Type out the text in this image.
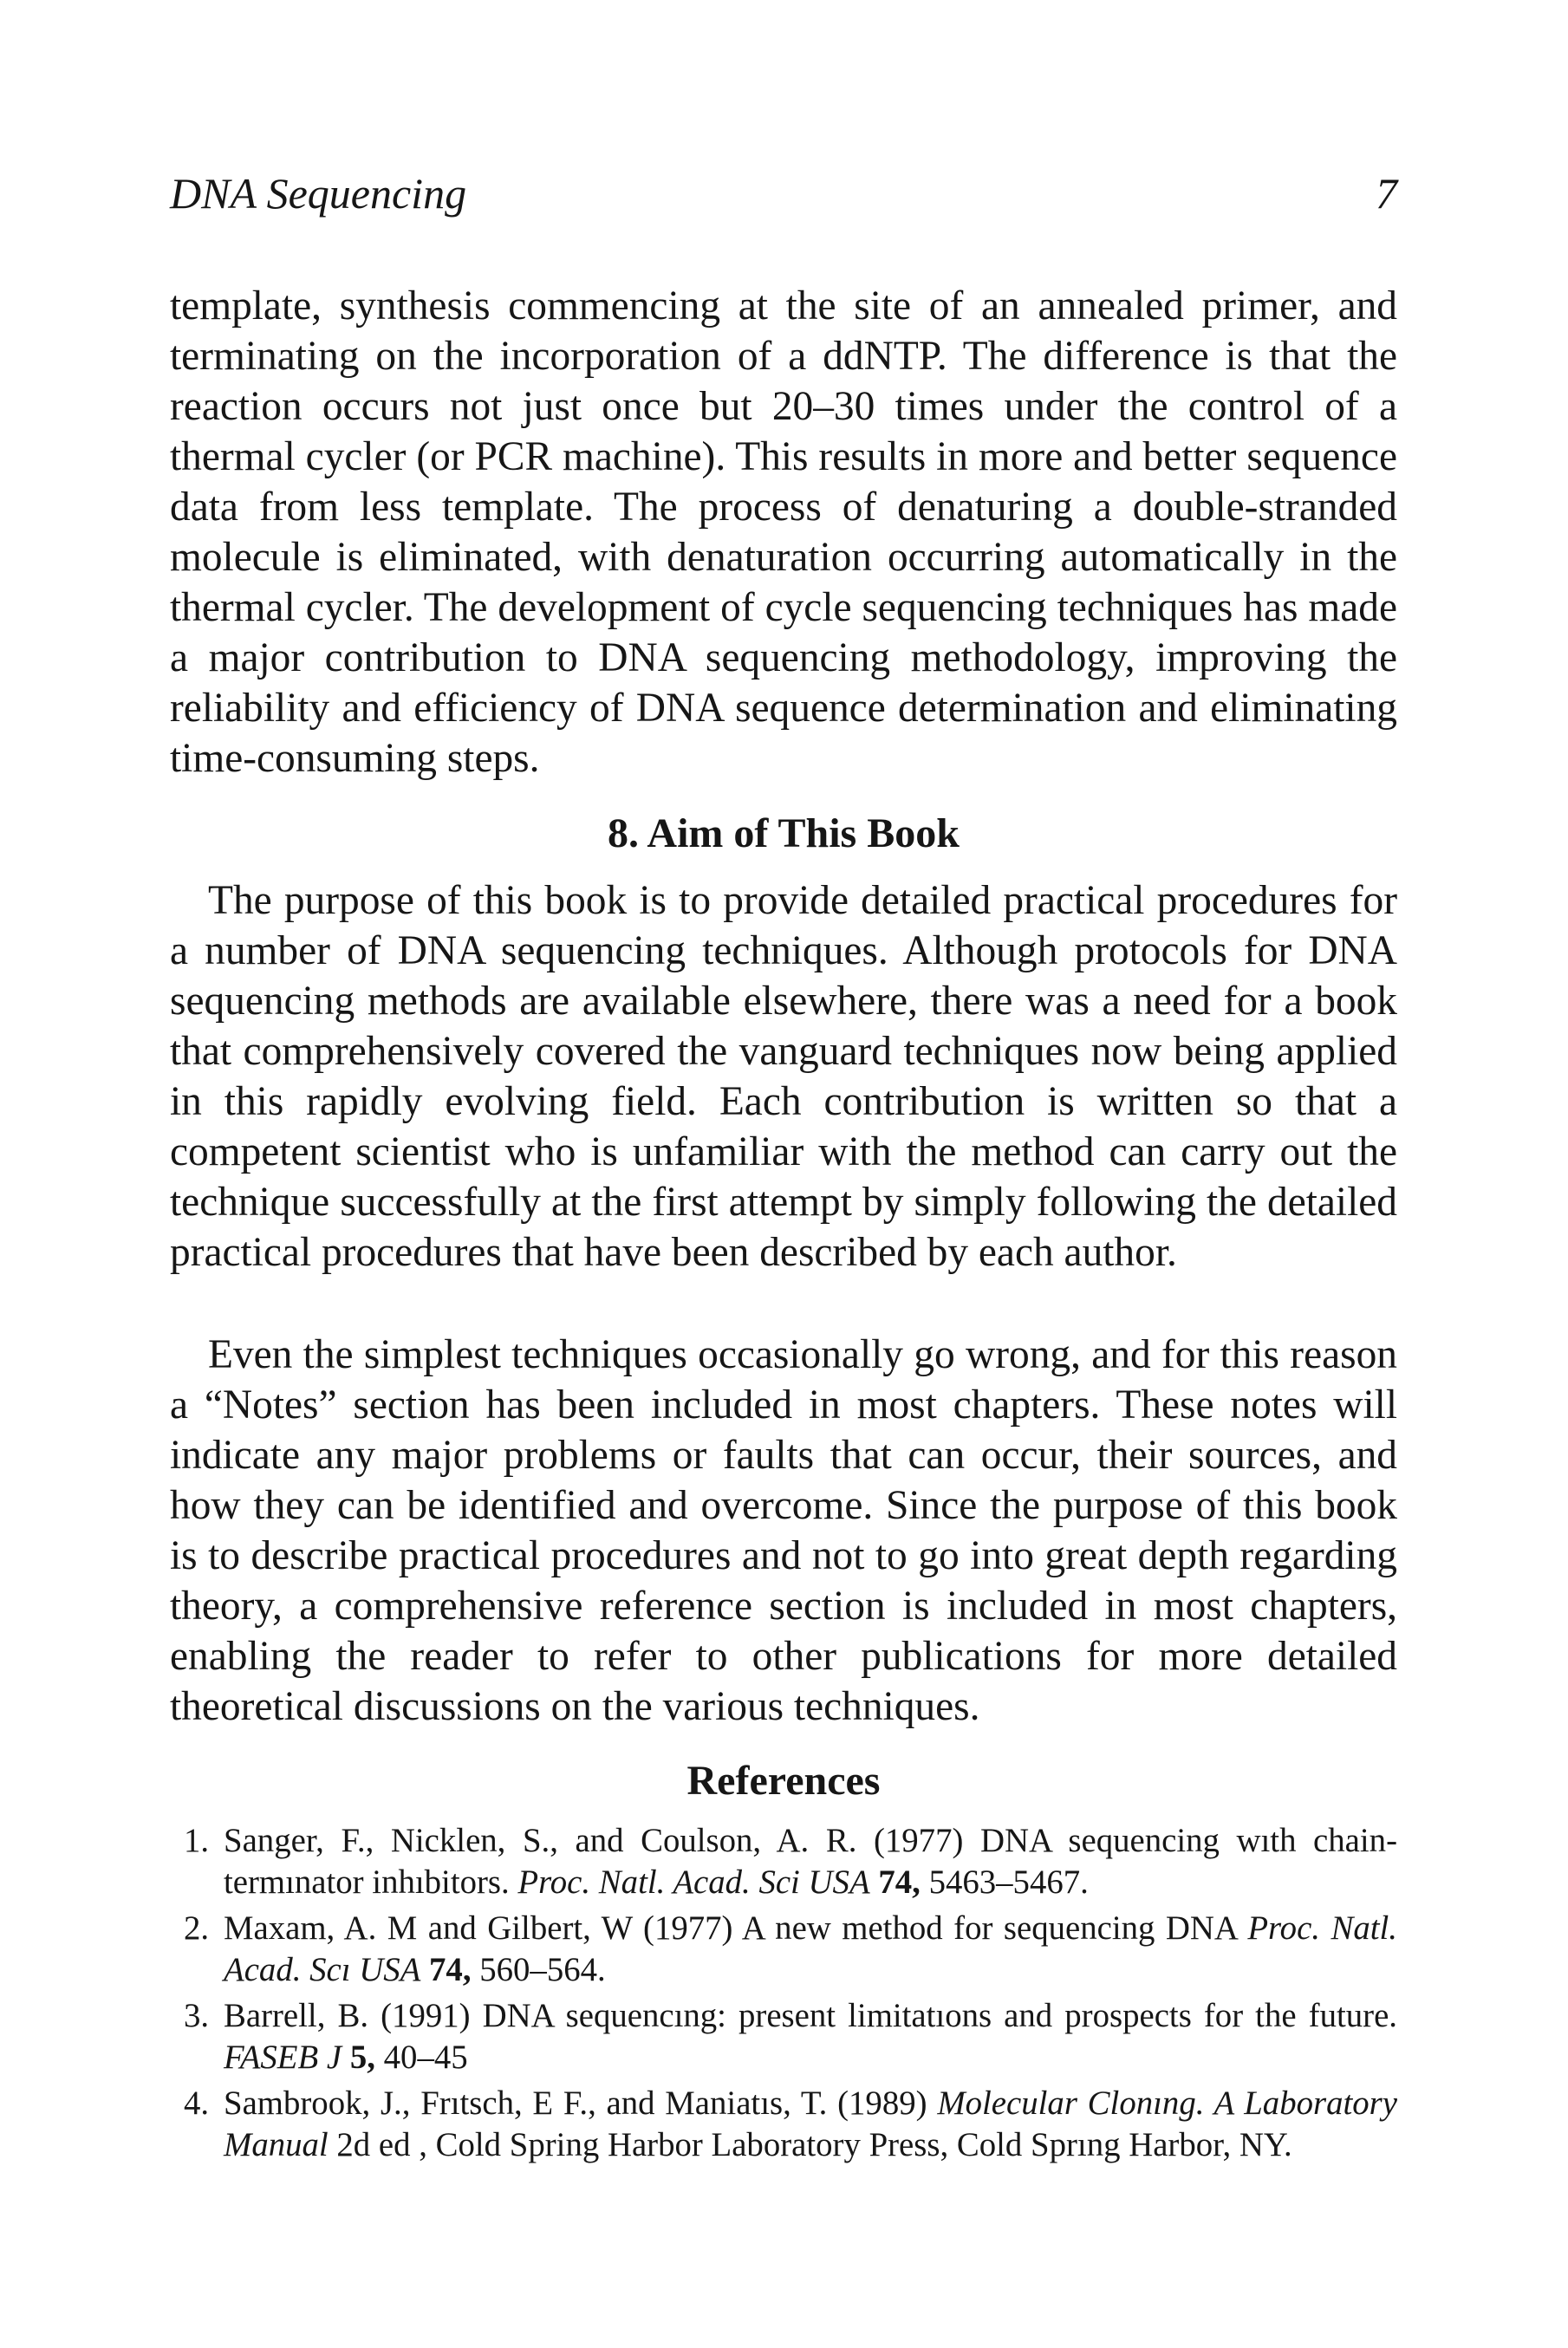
DNA Sequencing	7

template, synthesis commencing at the site of an annealed primer, and terminating on the incorporation of a ddNTP. The difference is that the reaction occurs not just once but 20–30 times under the control of a thermal cycler (or PCR machine). This results in more and better sequence data from less template. The process of denaturing a double-stranded molecule is eliminated, with denaturation occurring automatically in the thermal cycler. The development of cycle sequencing techniques has made a major contribution to DNA sequencing methodology, improving the reliability and efficiency of DNA sequence determination and eliminating time-consuming steps.

8. Aim of This Book

The purpose of this book is to provide detailed practical procedures for a number of DNA sequencing techniques. Although protocols for DNA sequencing methods are available elsewhere, there was a need for a book that comprehensively covered the vanguard techniques now being applied in this rapidly evolving field. Each contribution is written so that a competent scientist who is unfamiliar with the method can carry out the technique successfully at the first attempt by simply following the detailed practical procedures that have been described by each author.

Even the simplest techniques occasionally go wrong, and for this reason a “Notes” section has been included in most chapters. These notes will indicate any major problems or faults that can occur, their sources, and how they can be identified and overcome. Since the purpose of this book is to describe practical procedures and not to go into great depth regarding theory, a comprehensive reference section is included in most chapters, enabling the reader to refer to other publications for more detailed theoretical discussions on the various techniques.

References
1. Sanger, F., Nicklen, S., and Coulson, A. R. (1977) DNA sequencing wıth chain-termınator inhıbitors. Proc. Natl. Acad. Sci USA 74, 5463–5467.
2. Maxam, A. M and Gilbert, W (1977) A new method for sequencing DNA Proc. Natl. Acad. Scı USA 74, 560–564.
3. Barrell, B. (1991) DNA sequencıng: present limitatıons and prospects for the future. FASEB J 5, 40–45
4. Sambrook, J., Frıtsch, E F., and Maniatıs, T. (1989) Molecular Clonıng. A Laboratory Manual 2d ed , Cold Spring Harbor Laboratory Press, Cold Sprıng Harbor, NY.
